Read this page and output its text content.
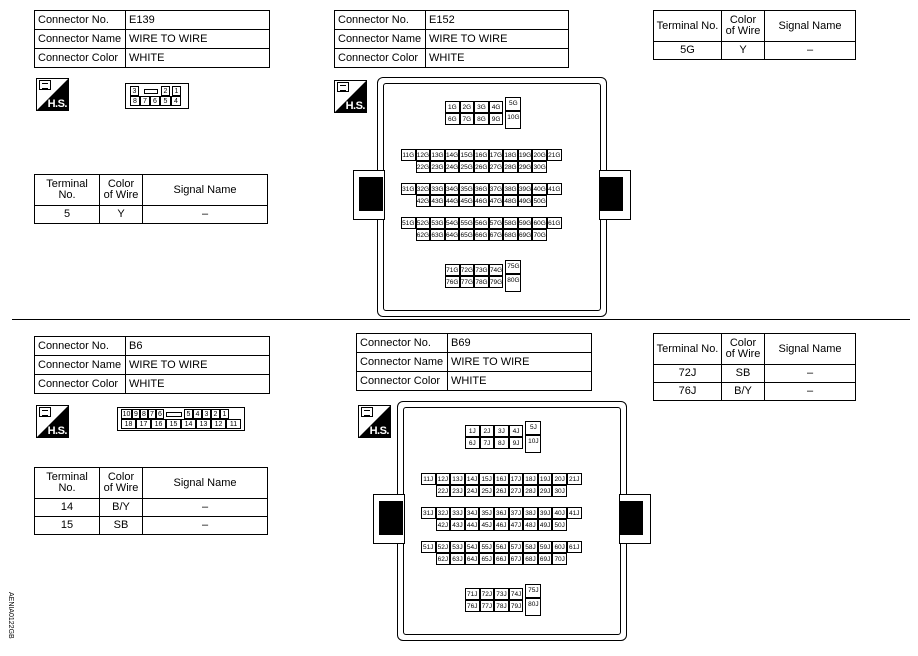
Connector No.	E139
Connector Name	WIRE TO WIRE
Connector Color	WHITE
H.S.
3	2	1
8 7 6 5 4
Terminal No.	Color of Wire	Signal Name
5	Y	–
Connector No.	E152
Connector Name	WIRE TO WIRE
Connector Color	WHITE
H.S.	1G 2G 3G 4G
6G 7G 8G 9G
5G
10G
11G 12G 13G 14G 15G 16G 17G 18G 19G 20G 21G
22G 23G 24G 25G 26G 27G 28G 29G 30G
31G 32G 33G 34G 35G 36G 37G 38G 39G 40G 41G
42G 43G 44G 45G 46G 47G 48G 49G 50G
51G 52G 53G 54G 55G 56G 57G 58G 59G 60G 61G
62G 63G 64G 65G 66G 67G 68G 69G 70G
71G 72G 73G 74G
76G 77G 78G 79G
75G
80G
Terminal No.	Color of Wire	Signal Name
5G	Y	–
Connector No.	B6
Connector Name	WIRE TO WIRE
Connector Color	WHITE
H.S.
10 9 8 7 6	5 4 3 2 1
18	17	16	15	14	13	12	11
Terminal No.	Color of Wire	Signal Name
14	B/Y	–
15	SB	–
Connector No.	B69
Connector Name	WIRE TO WIRE
Connector Color	WHITE
H.S.	1J	2J	3J	4J
6J	7J	8J	9J
5J
10J
11J 12J 13J 14J 15J 16J 17J 18J 19J 20J 21J
22J 23J 24J 25J 26J 27J 28J 29J 30J
31J 32J 33J 34J 35J 36J 37J 38J 39J 40J 41J
42J 43J 44J 45J 46J 47J 48J 49J 50J
51J 52J 53J 54J 55J 56J 57J 58J 59J 60J 61J
62J 63J 64J 65J 66J 67J 68J 69J 70J
71J 72J 73J 74J
76J 77J 78J 79J
75J
80J
Terminal No.	Color of Wire	Signal Name
72J	SB	–
76J	B/Y	–
AENIA0122GB
